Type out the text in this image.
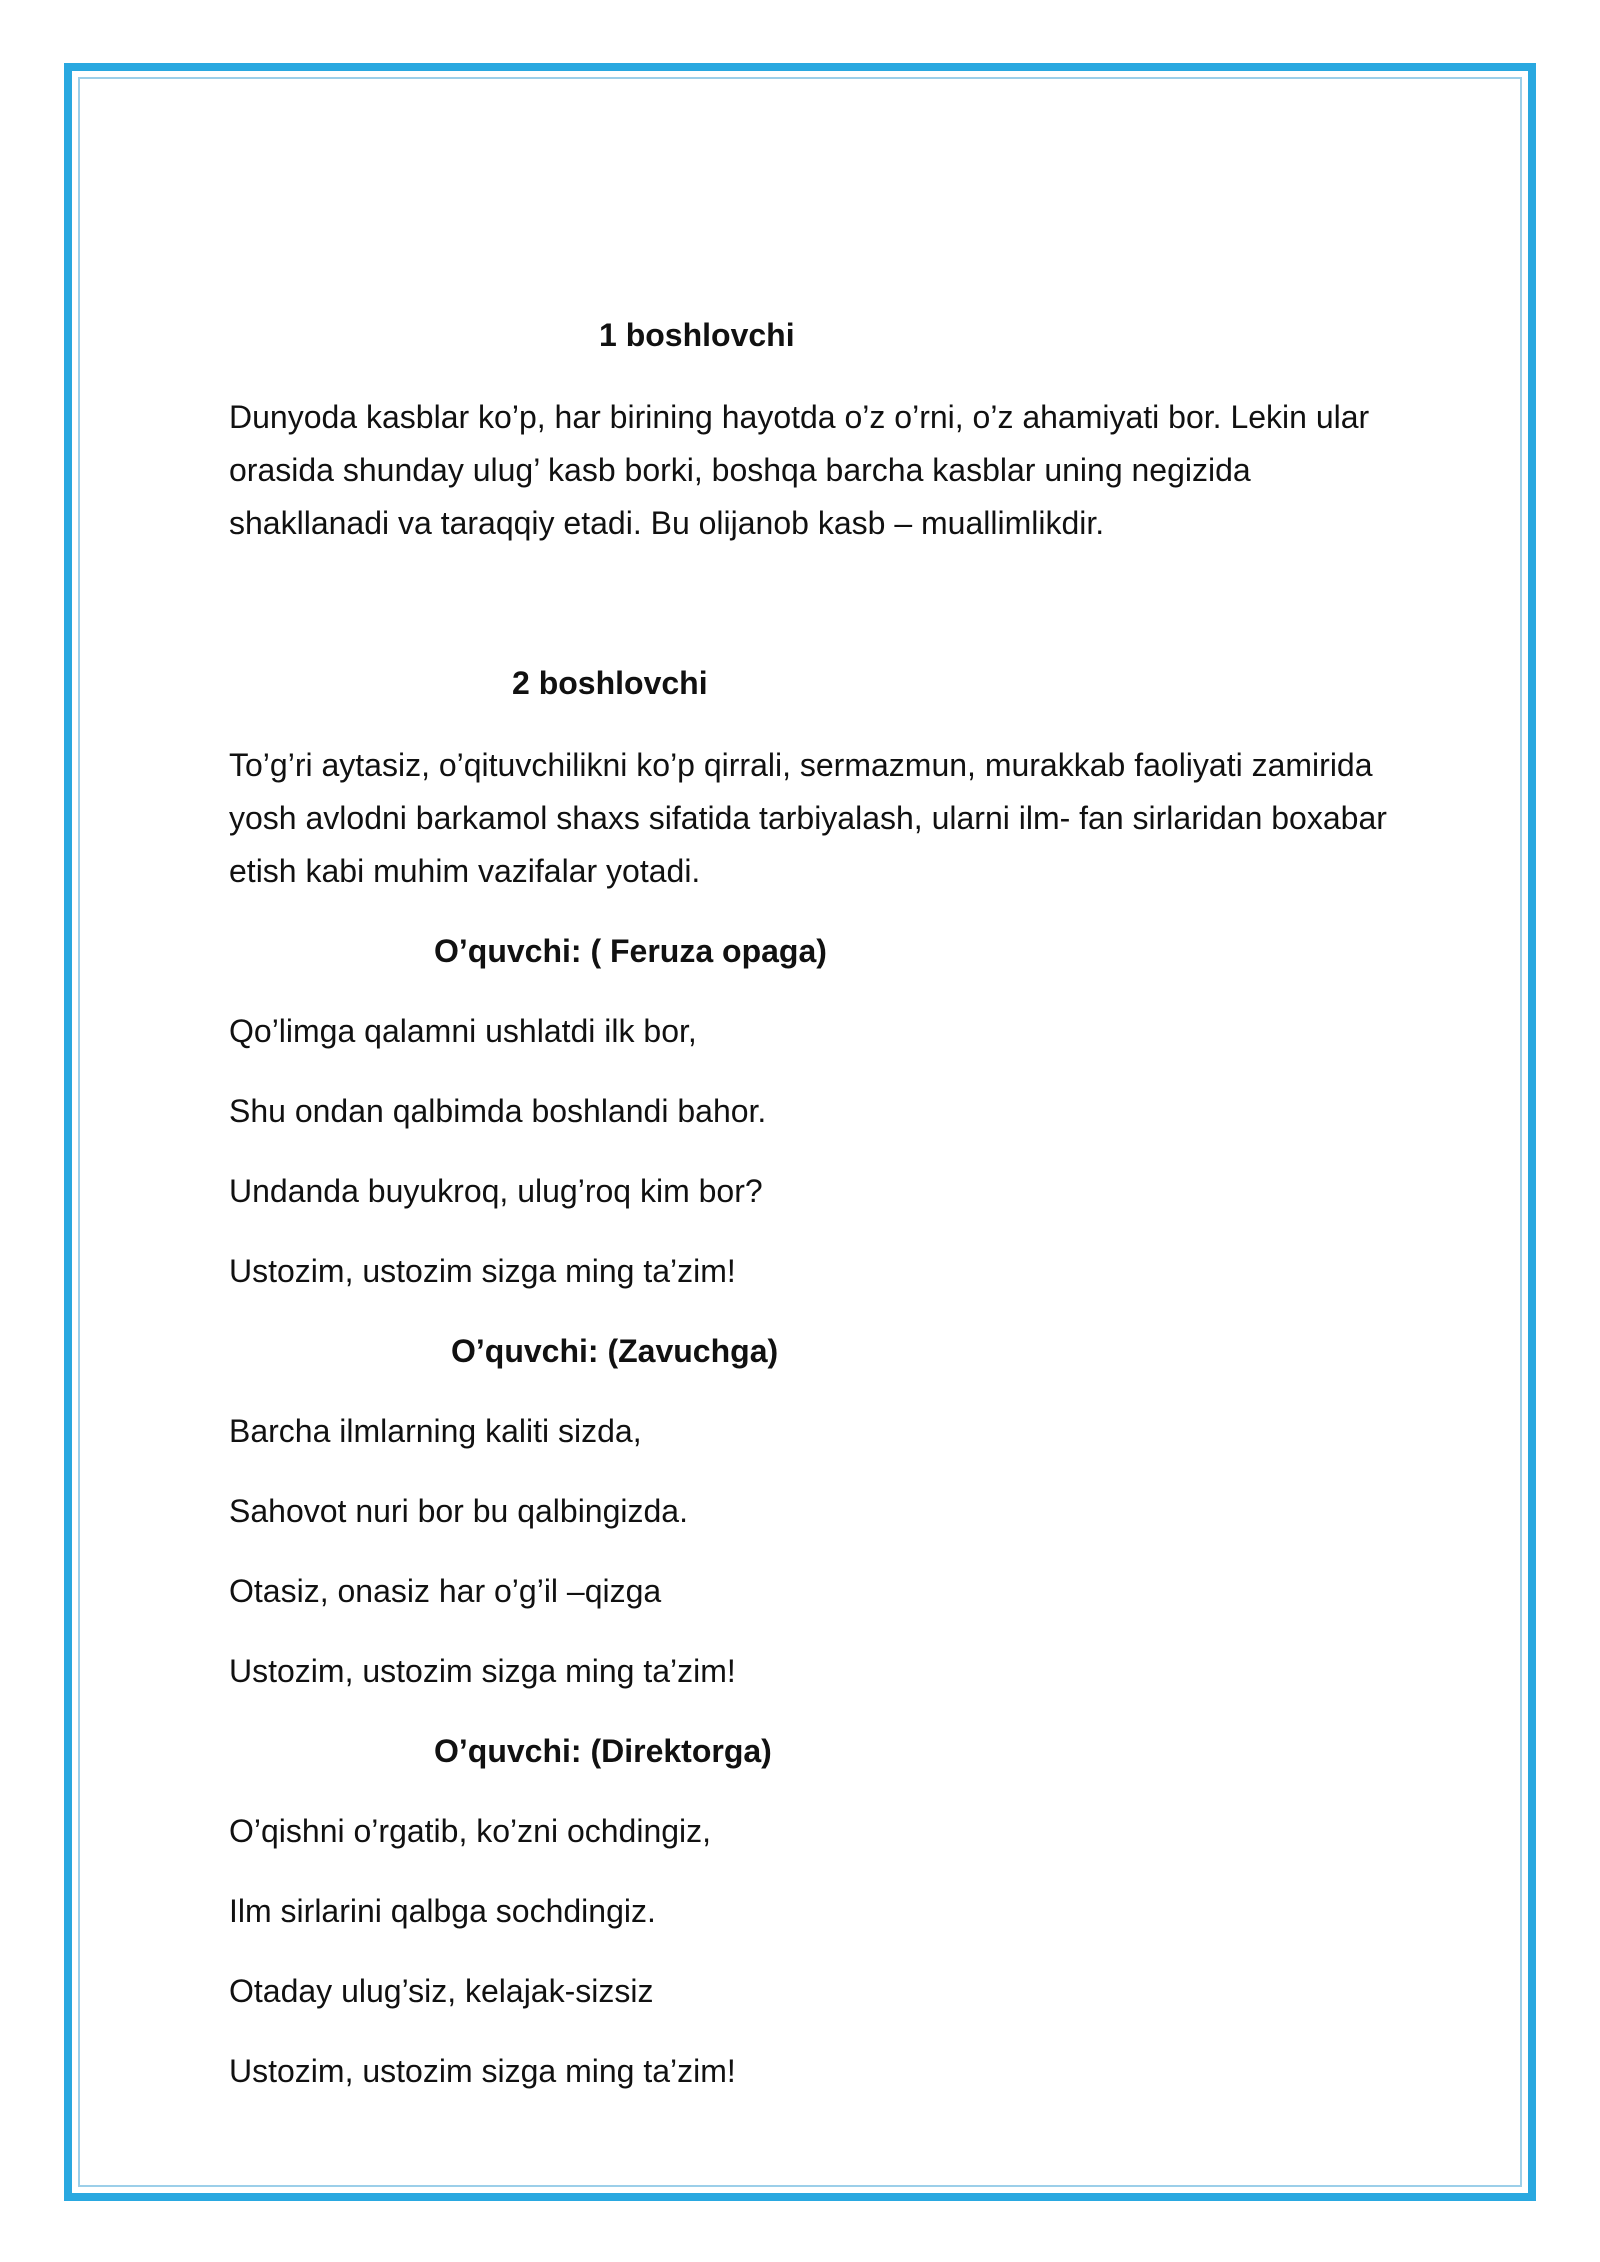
1 boshlovchi
Dunyoda kasblar ko’p, har birining hayotda o’z o’rni, o’z ahamiyati bor. Lekin ular
orasida shunday ulug’ kasb borki, boshqa barcha kasblar uning negizida
shakllanadi va taraqqiy etadi. Bu olijanob kasb – muallimlikdir.
2 boshlovchi
To’g’ri aytasiz, o’qituvchilikni ko’p qirrali, sermazmun, murakkab faoliyati zamirida
yosh avlodni barkamol shaxs sifatida tarbiyalash, ularni ilm- fan sirlaridan boxabar
etish kabi muhim vazifalar yotadi.
O’quvchi: ( Feruza opaga)
Qo’limga qalamni ushlatdi ilk bor,
Shu ondan qalbimda boshlandi bahor.
Undanda buyukroq, ulug’roq kim bor?
Ustozim, ustozim sizga ming ta’zim!
O’quvchi: (Zavuchga)
Barcha ilmlarning kaliti sizda,
Sahovot nuri bor bu qalbingizda.
Otasiz, onasiz har o’g’il –qizga
Ustozim, ustozim sizga ming ta’zim!
O’quvchi: (Direktorga)
O’qishni o’rgatib, ko’zni ochdingiz,
Ilm sirlarini qalbga sochdingiz.
Otaday ulug’siz, kelajak-sizsiz
Ustozim, ustozim sizga ming ta’zim!
